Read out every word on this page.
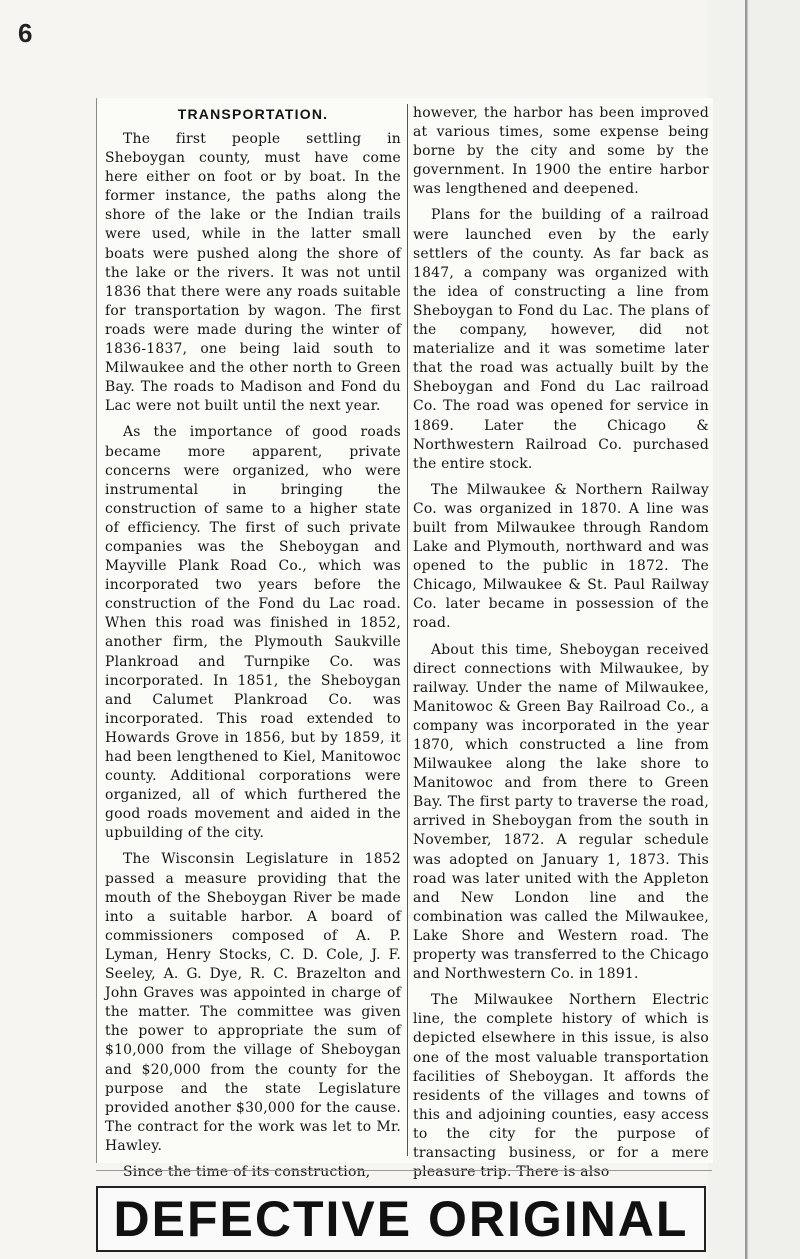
6
TRANSPORTATION.

The first people settling in Sheboygan county, must have come here either on foot or by boat. In the former instance, the paths along the shore of the lake or the Indian trails were used, while in the latter small boats were pushed along the shore of the lake or the rivers. It was not until 1836 that there were any roads suitable for transportation by wagon. The first roads were made during the winter of 1836-1837, one being laid south to Milwaukee and the other north to Green Bay. The roads to Madison and Fond du Lac were not built until the next year.

As the importance of good roads became more apparent, private concerns were organized, who were instrumental in bringing the construction of same to a higher state of efficiency. The first of such private companies was the Sheboygan and Mayville Plank Road Co., which was incorporated two years before the construction of the Fond du Lac road. When this road was finished in 1852, another firm, the Plymouth Saukville Plankroad and Turnpike Co. was incorporated. In 1851, the Sheboygan and Calumet Plankroad Co. was incorporated. This road extended to Howards Grove in 1856, but by 1859, it had been lengthened to Kiel, Manitowoc county. Additional corporations were organized, all of which furthered the good roads movement and aided in the upbuilding of the city.

The Wisconsin Legislature in 1852 passed a measure providing that the mouth of the Sheboygan River be made into a suitable harbor. A board of commissioners composed of A. P. Lyman, Henry Stocks, C. D. Cole, J. F. Seeley, A. G. Dye, R. C. Brazelton and John Graves was appointed in charge of the matter. The committee was given the power to appropriate the sum of $10,000 from the village of Sheboygan and $20,000 from the county for the purpose and the state Legislature provided another $30,000 for the cause. The contract for the work was let to Mr. Hawley.

Since the time of its construction,

however, the harbor has been improved at various times, some expense being borne by the city and some by the government. In 1900 the entire harbor was lengthened and deepened.

Plans for the building of a railroad were launched even by the early settlers of the county. As far back as 1847, a company was organized with the idea of constructing a line from Sheboygan to Fond du Lac. The plans of the company, however, did not materialize and it was sometime later that the road was actually built by the Sheboygan and Fond du Lac railroad Co. The road was opened for service in 1869. Later the Chicago & Northwestern Railroad Co. purchased the entire stock.

The Milwaukee & Northern Railway Co. was organized in 1870. A line was built from Milwaukee through Random Lake and Plymouth, northward and was opened to the public in 1872. The Chicago, Milwaukee & St. Paul Railway Co. later became in possession of the road.

About this time, Sheboygan received direct connections with Milwaukee, by railway. Under the name of Milwaukee, Manitowoc & Green Bay Railroad Co., a company was incorporated in the year 1870, which constructed a line from Milwaukee along the lake shore to Manitowoc and from there to Green Bay. The first party to traverse the road, arrived in Sheboygan from the south in November, 1872. A regular schedule was adopted on January 1, 1873. This road was later united with the Appleton and New London line and the combination was called the Milwaukee, Lake Shore and Western road. The property was transferred to the Chicago and Northwestern Co. in 1891.

The Milwaukee Northern Electric line, the complete history of which is depicted elsewhere in this issue, is also one of the most valuable transportation facilities of Sheboygan. It affords the residents of the villages and towns of this and adjoining counties, easy access to the city for the purpose of transacting business, or for a mere pleasure trip. There is also

DEFECTIVE ORIGINAL
